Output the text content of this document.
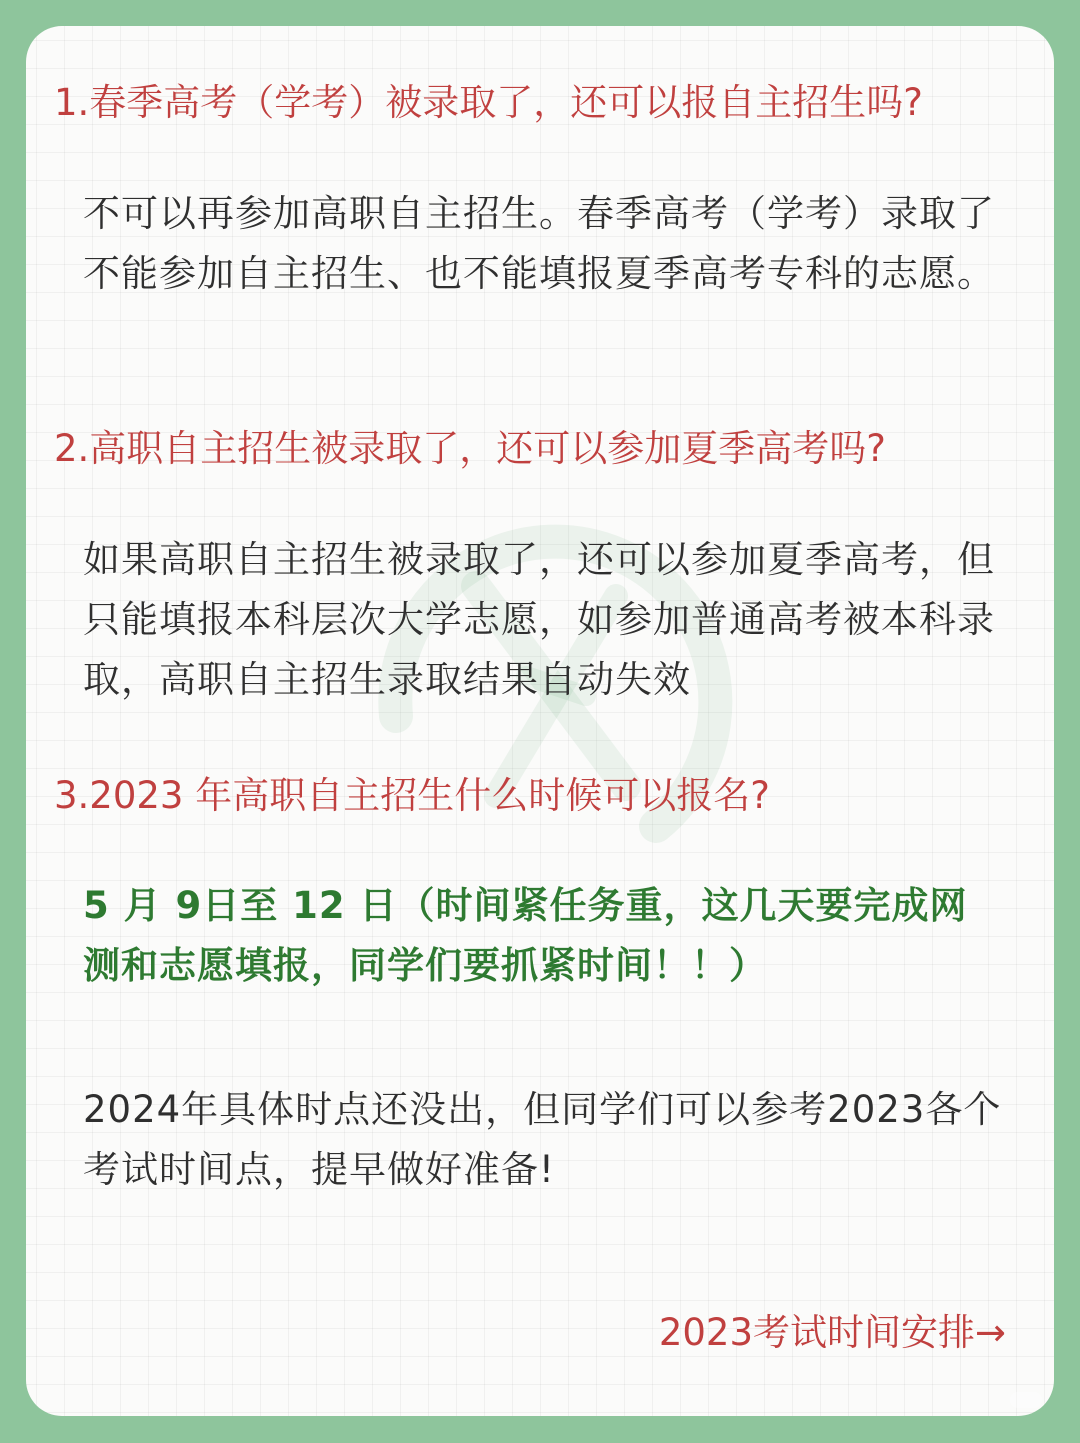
1.春季高考（学考）被录取了，还可以报自主招生吗?
不可以再参加高职自主招生。春季高考（学考）录取了不能参加自主招生、也不能填报夏季高考专科的志愿。
2.高职自主招生被录取了，还可以参加夏季高考吗?
如果高职自主招生被录取了，还可以参加夏季高考，但只能填报本科层次大学志愿，如参加普通高考被本科录取，高职自主招生录取结果自动失效
3.2023 年高职自主招生什么时候可以报名?
5 月 9日至 12 日（时间紧任务重，这几天要完成网测和志愿填报，同学们要抓紧时间！！）
2024年具体时点还没出，但同学们可以参考2023各个考试时间点，提早做好准备!
2023考试时间安排→
